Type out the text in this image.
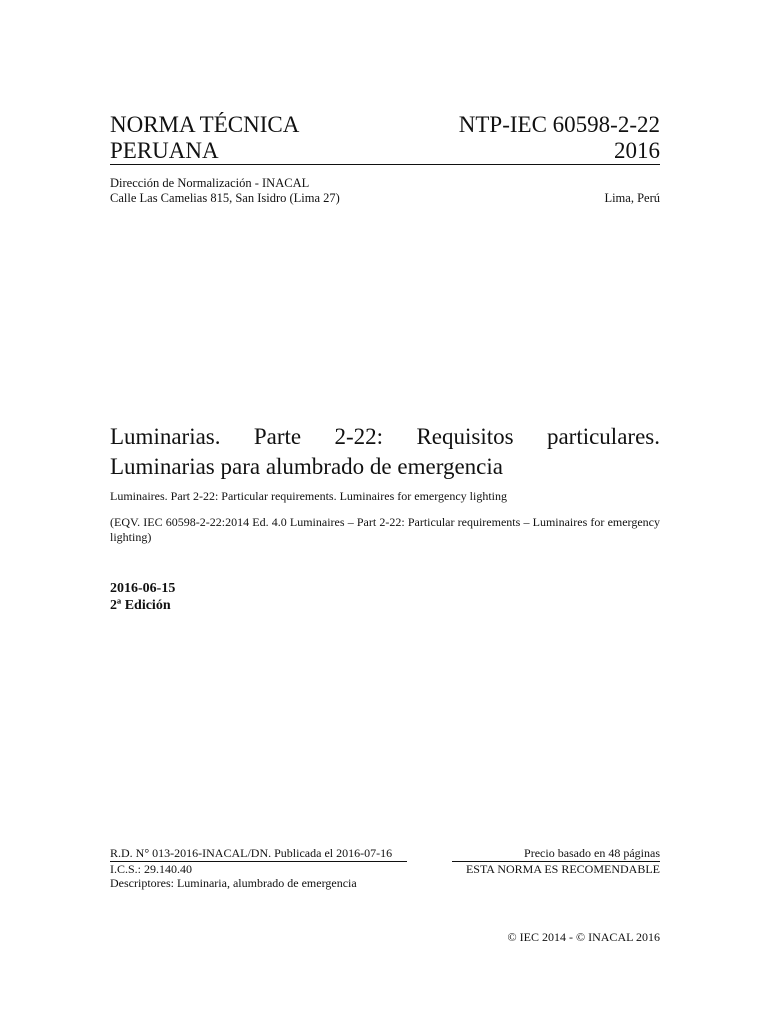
NORMA TÉCNICA
PERUANA
NTP-IEC 60598-2-22
2016
Dirección de Normalización - INACAL
Calle Las Camelias 815, San Isidro (Lima 27)	Lima, Perú
Luminarias. Parte 2-22: Requisitos particulares.
Luminarias para alumbrado de emergencia
Luminaires. Part 2-22: Particular requirements. Luminaires for emergency lighting
(EQV. IEC 60598-2-22:2014 Ed. 4.0 Luminaires – Part 2-22: Particular requirements – Luminaires for emergency lighting)
2016-06-15
2ª Edición
R.D. N° 013-2016-INACAL/DN. Publicada el 2016-07-16	Precio basado en 48 páginas
I.C.S.: 29.140.40	ESTA NORMA ES RECOMENDABLE
Descriptores: Luminaria, alumbrado de emergencia
© IEC 2014 - © INACAL 2016
